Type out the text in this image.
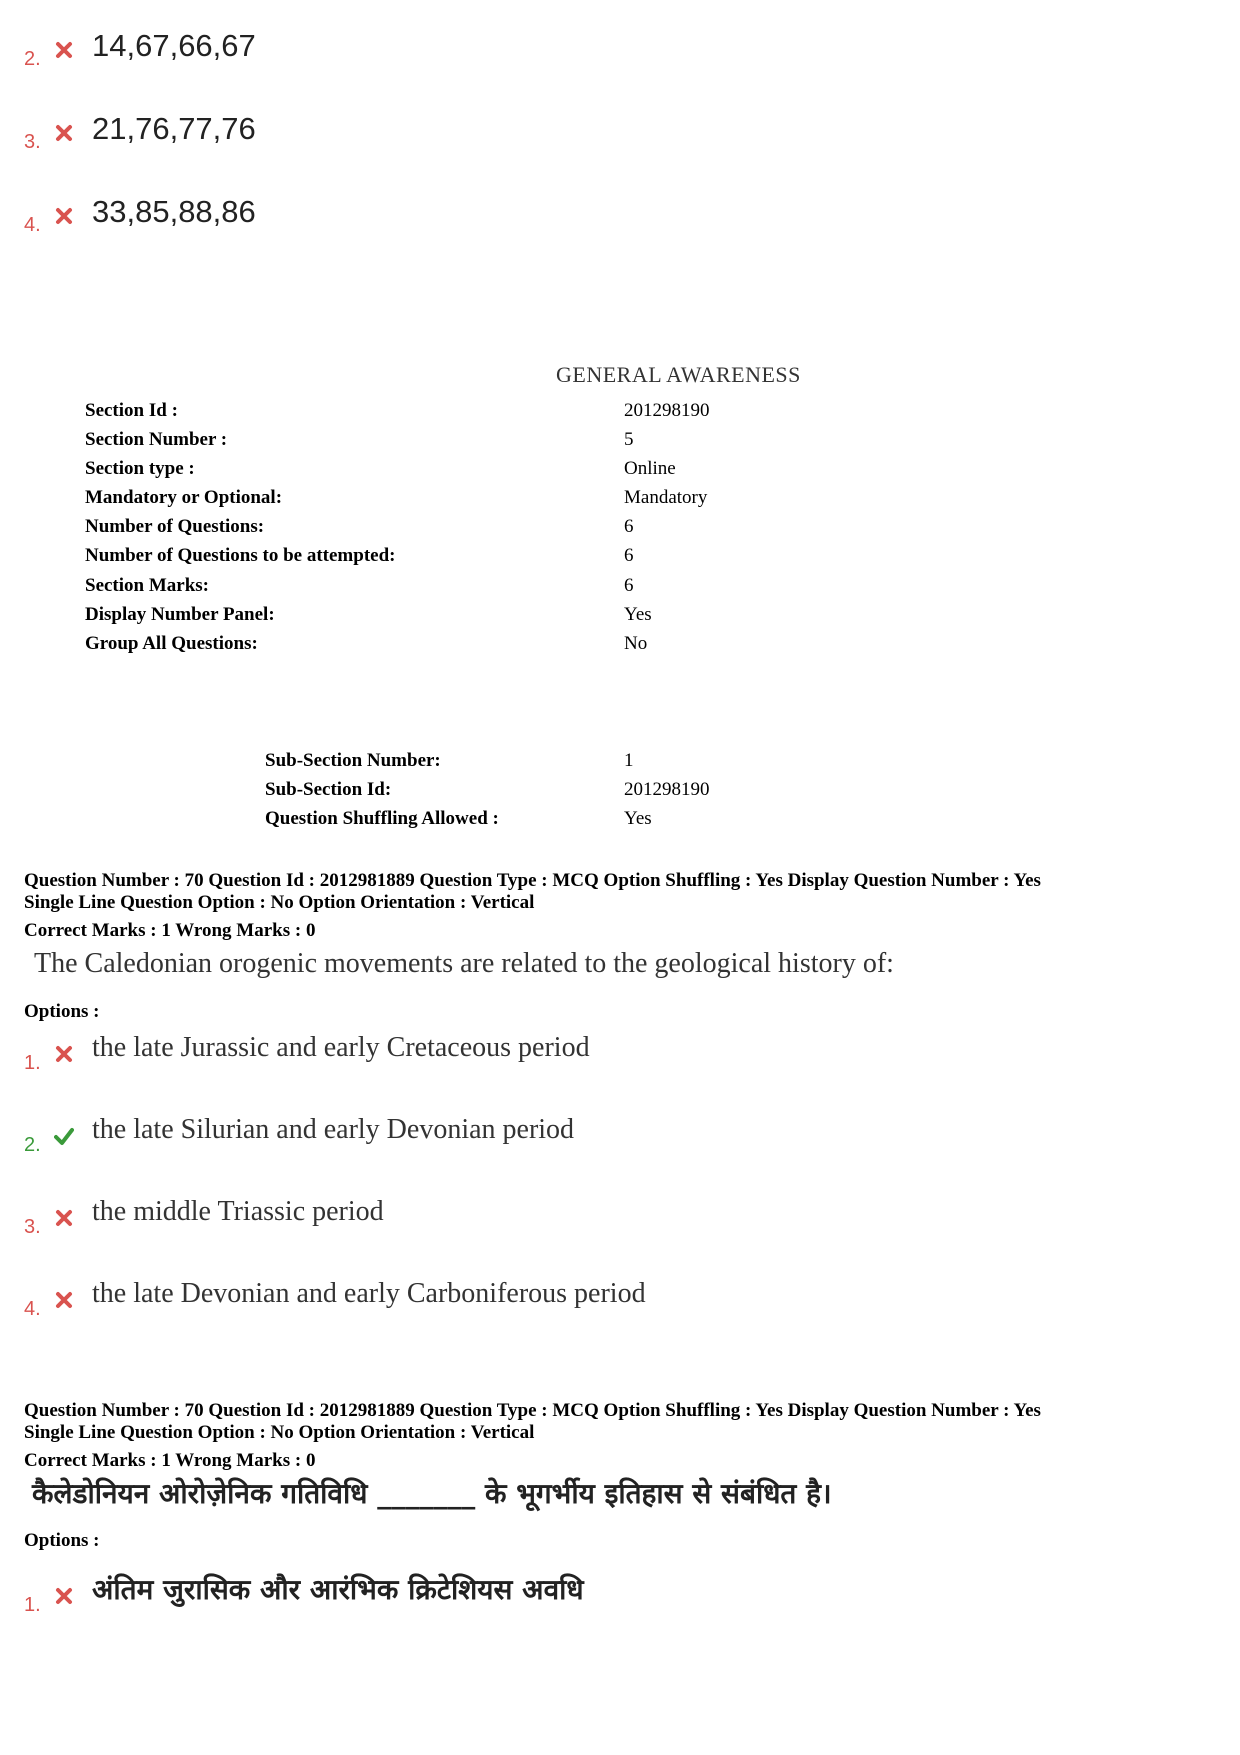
2. 14,67,66,67
3. 21,76,77,76
4. 33,85,88,86
GENERAL AWARENESS
Section Id :	201298190
Section Number :	5
Section type :	Online
Mandatory or Optional:	Mandatory
Number of Questions:	6
Number of Questions to be attempted:	6
Section Marks:	6
Display Number Panel:	Yes
Group All Questions:	No
Sub-Section Number:	1
Sub-Section Id:	201298190
Question Shuffling Allowed :	Yes
Question Number : 70 Question Id : 2012981889 Question Type : MCQ Option Shuffling : Yes Display Question Number : Yes
Single Line Question Option : No Option Orientation : Vertical
Correct Marks : 1 Wrong Marks : 0
The Caledonian orogenic movements are related to the geological history of:
Options :
1. the late Jurassic and early Cretaceous period
2. the late Silurian and early Devonian period
3. the middle Triassic period
4. the late Devonian and early Carboniferous period
Question Number : 70 Question Id : 2012981889 Question Type : MCQ Option Shuffling : Yes Display Question Number : Yes
Single Line Question Option : No Option Orientation : Vertical
Correct Marks : 1 Wrong Marks : 0
कैलेडोनियन ओरोज़ेनिक गतिविधि _______ के भूगर्भीय इतिहास से संबंधित है।
Options :
1. अंतिम जुरासिक और आरंभिक क्रिटेशियस अवधि
